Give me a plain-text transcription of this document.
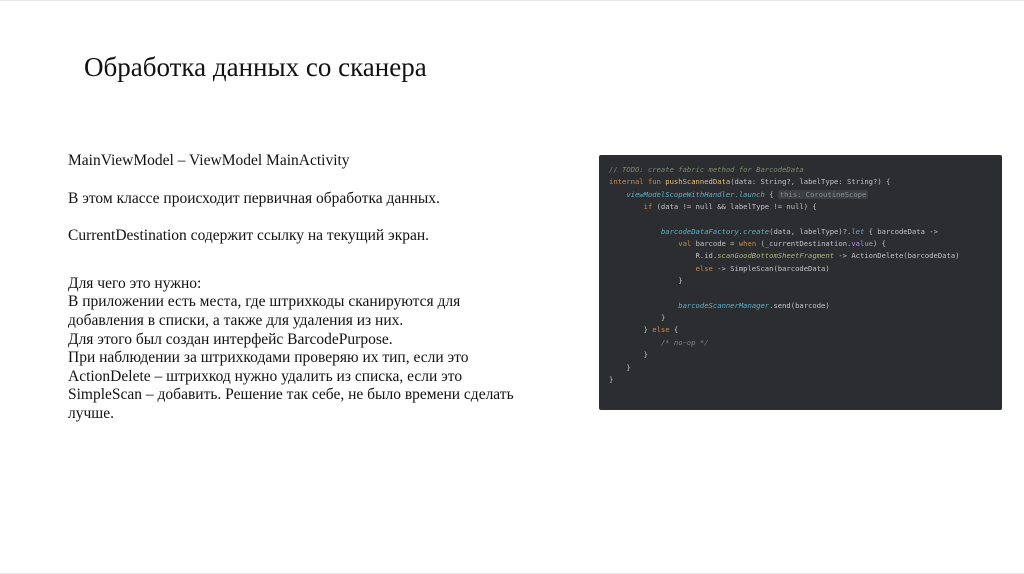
Обработка данных со сканера

MainViewModel – ViewModel MainActivity

В этом классе происходит первичная обработка данных.

CurrentDestination содержит ссылку на текущий экран.

Для чего это нужно:

В приложении есть места, где штрихкоды сканируются для

добавления в списки, а также для удаления из них.

Для этого был создан интерфейс BarcodePurpose.

При наблюдении за штрихкодами проверяю их тип, если это

ActionDelete – штрихкод нужно удалить из списка, если это

SimpleScan – добавить. Решение так себе, не было времени сделать

лучше.

// TODO: create fabric method for BarcodeData
internal fun pushScannedData(data: String?, labelType: String?) {
viewModelScopeWithHandler.launch { this: CoroutineScope
if (data != null && labelType != null) {
barcodeDataFactory.create(data, labelType)?.let { barcodeData ->
val barcode = when (_currentDestination.value) {
R.id.scanGoodBottomSheetFragment -> ActionDelete(barcodeData)
else -> SimpleScan(barcodeData)
}
barcodeScannerManager.send(barcode)
}
} else {
/* no-op */
}
}
}
